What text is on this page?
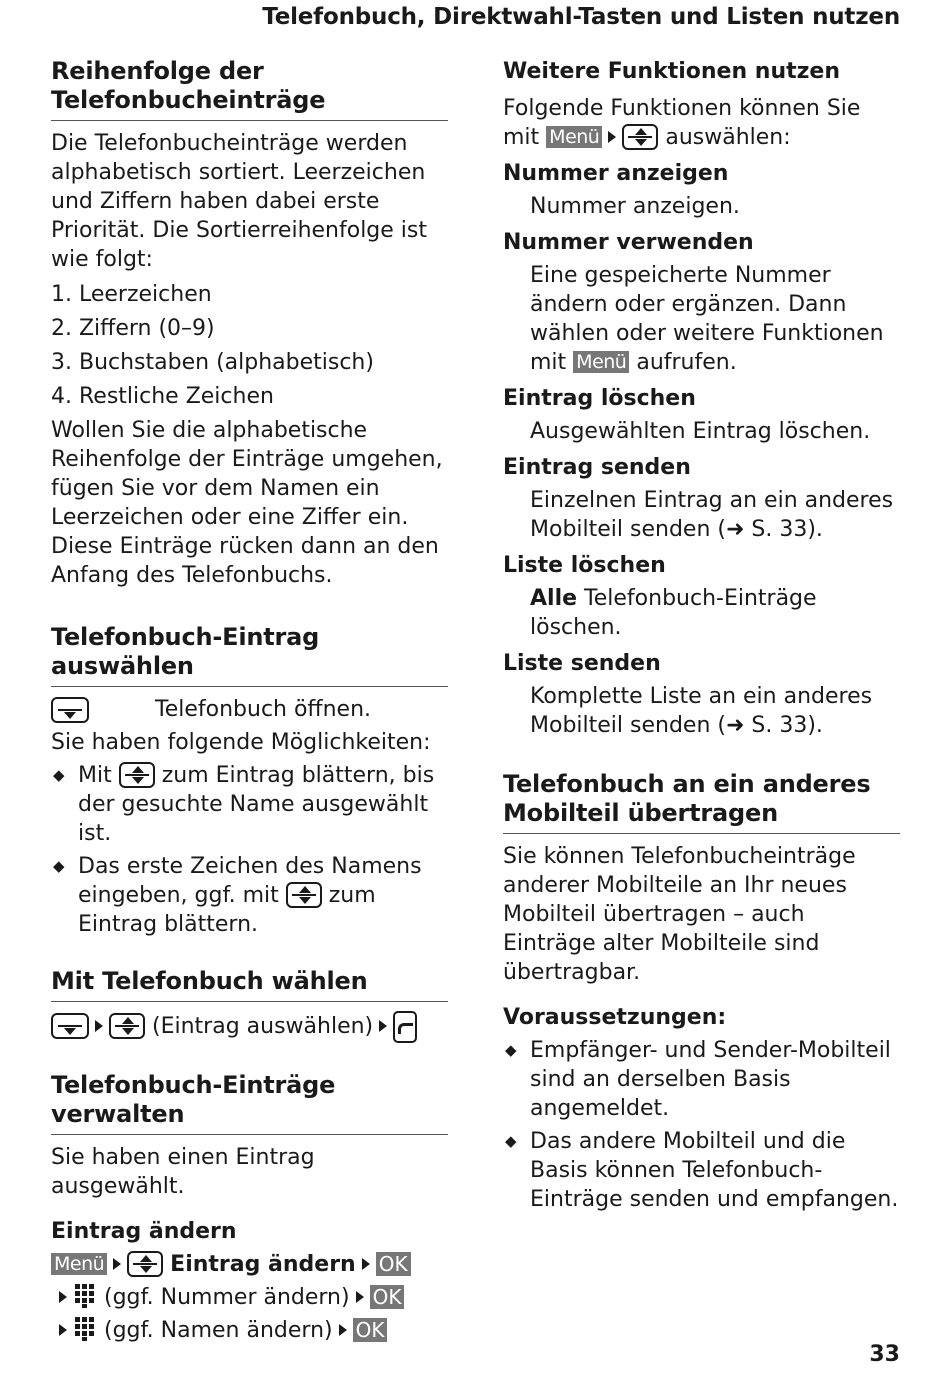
Telefonbuch, Direktwahl-Tasten und Listen nutzen
Reihenfolge der Telefonbucheinträge

Die Telefonbucheinträge werden alphabetisch sortiert. Leerzeichen und Ziffern haben dabei erste Priorität. Die Sortierreihenfolge ist wie folgt:

1. Leerzeichen
2. Ziffern (0–9)
3. Buchstaben (alphabetisch)
4. Restliche Zeichen

Wollen Sie die alphabetische Reihenfolge der Einträge umgehen, fügen Sie vor dem Namen ein Leerzeichen oder eine Ziffer ein. Diese Einträge rücken dann an den Anfang des Telefonbuchs.

Telefonbuch-Eintrag auswählen
Telefonbuch öffnen.

Sie haben folgende Möglichkeiten:

◆ Mit zum Eintrag blättern, bis der gesuchte Name ausgewählt ist.
◆ Das erste Zeichen des Namens eingeben, ggf. mit zum Eintrag blättern.
Mit Telefonbuch wählen
(Eintrag auswählen)
Telefonbuch-Einträge verwalten

Sie haben einen Eintrag ausgewählt.

Eintrag ändern
Menü	Eintrag ändern OK
(ggf. Nummer ändern) OK
(ggf. Namen ändern) OK
Weitere Funktionen nutzen

Folgende Funktionen können Sie mit Menü	auswählen:

Nummer anzeigen

Nummer anzeigen.

Nummer verwenden

Eine gespeicherte Nummer ändern oder ergänzen. Dann wählen oder weitere Funktionen mit Menü aufrufen.

Eintrag löschen

Ausgewählten Eintrag löschen.

Eintrag senden

Einzelnen Eintrag an ein anderes Mobilteil senden (➜ S. 33).

Liste löschen

Alle Telefonbuch-Einträge löschen.

Liste senden

Komplette Liste an ein anderes Mobilteil senden (➜ S. 33).

Telefonbuch an ein anderes Mobilteil übertragen

Sie können Telefonbucheinträge anderer Mobilteile an Ihr neues Mobilteil übertragen – auch Einträge alter Mobilteile sind übertragbar.

Voraussetzungen:
◆ Empfänger- und Sender-Mobilteil sind an derselben Basis angemeldet.
◆ Das andere Mobilteil und die Basis können Telefonbuch-Einträge senden und empfangen.
33
